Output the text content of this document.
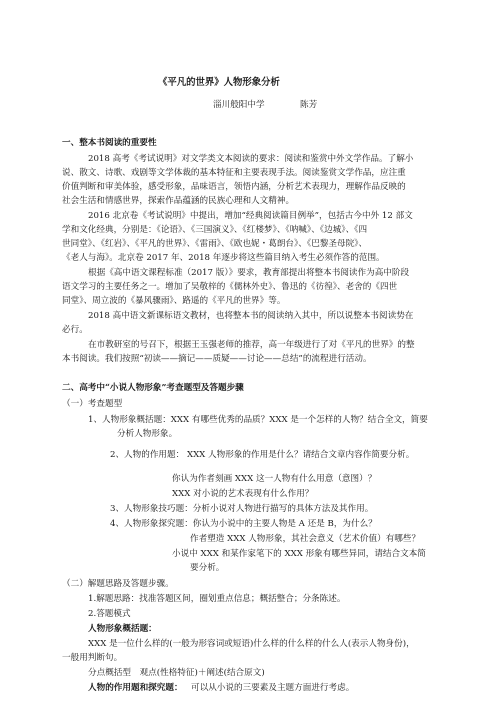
《平凡的世界》人物形象分析
淄川般阳中学	陈芳
一、整本书阅读的重要性
2018 高考《考试说明》对文学类文本阅读的要求：阅读和鉴赏中外文学作品。了解小
说、散文、诗歌、戏剧等文学体裁的基本特征和主要表现手法。阅读鉴赏文学作品，应注重
价值判断和审美体验，感受形象，品味语言，领悟内涵，分析艺术表现力，理解作品反映的
社会生活和情感世界，探索作品蕴涵的民族心理和人文精神。
2016 北京卷《考试说明》中提出，增加“经典阅读篇目例举”，包括古今中外 12 部文
学和文化经典，分别是：《论语》、《三国演义》、《红楼梦》、《呐喊》、《边城》、《四
世同堂》、《红岩》、《平凡的世界》、《雷雨》、《欧也妮・葛朗台》、《巴黎圣母院》、
《老人与海》。北京卷 2017 年、2018 年逐步将这些篇目纳入考生必须作答的范围。
根据《高中语文课程标准（2017 版）》要求，教育部提出将整本书阅读作为高中阶段
语文学习的主要任务之一。增加了吴敬梓的《儒林外史》、鲁迅的《彷徨》、老舍的《四世
同堂》、周立波的《暴风骤雨》、路遥的《平凡的世界》等。
2018 高中语文新课标语文教材，也将整本书的阅读纳入其中，所以说整本书阅读势在
必行。
在市教研室的号召下，根据王玉强老师的推荐，高一年级进行了对《平凡的世界》的整
本书阅读。我们按照“初读——摘记——质疑——讨论——总结”的流程进行活动。
二、高考中“小说人物形象”考查题型及答题步骤
（一）考查题型
1、人物形象概括题：XXX 有哪些优秀的品质？XXX 是一个怎样的人物？结合全文，简要
分析人物形象。
2、人物的作用题： XXX 人物形象的作用是什么？请结合文章内容作简要分析。
你认为作者刻画 XXX 这一人物有什么用意（意图）？
XXX 对小说的艺术表现有什么作用？
3、人物形象技巧题：分析小说对人物进行描写的具体方法及其作用。
4、人物形象探究题：你认为小说中的主要人物是 A 还是 B，为什么？
作者塑造 XXX 人物形象，其社会意义（艺术价值）有哪些？
小说中 XXX 和某作家笔下的 XXX 形象有哪些异同，请结合文本简
要分析。
（二）解题思路及答题步骤。
1.解题思路：找准答题区间，圈划重点信息；概括整合；分条陈述。
2.答题模式
人物形象概括题：
XXX 是一位什么样的(一般为形容词或短语)什么样的什么样的什么人(表示人物身份)，
一般用判断句。
分点概括型　观点(性格特征)＋阐述(结合原文)
人物的作用题和探究题： 可以从小说的三要素及主题方面进行考虑。
